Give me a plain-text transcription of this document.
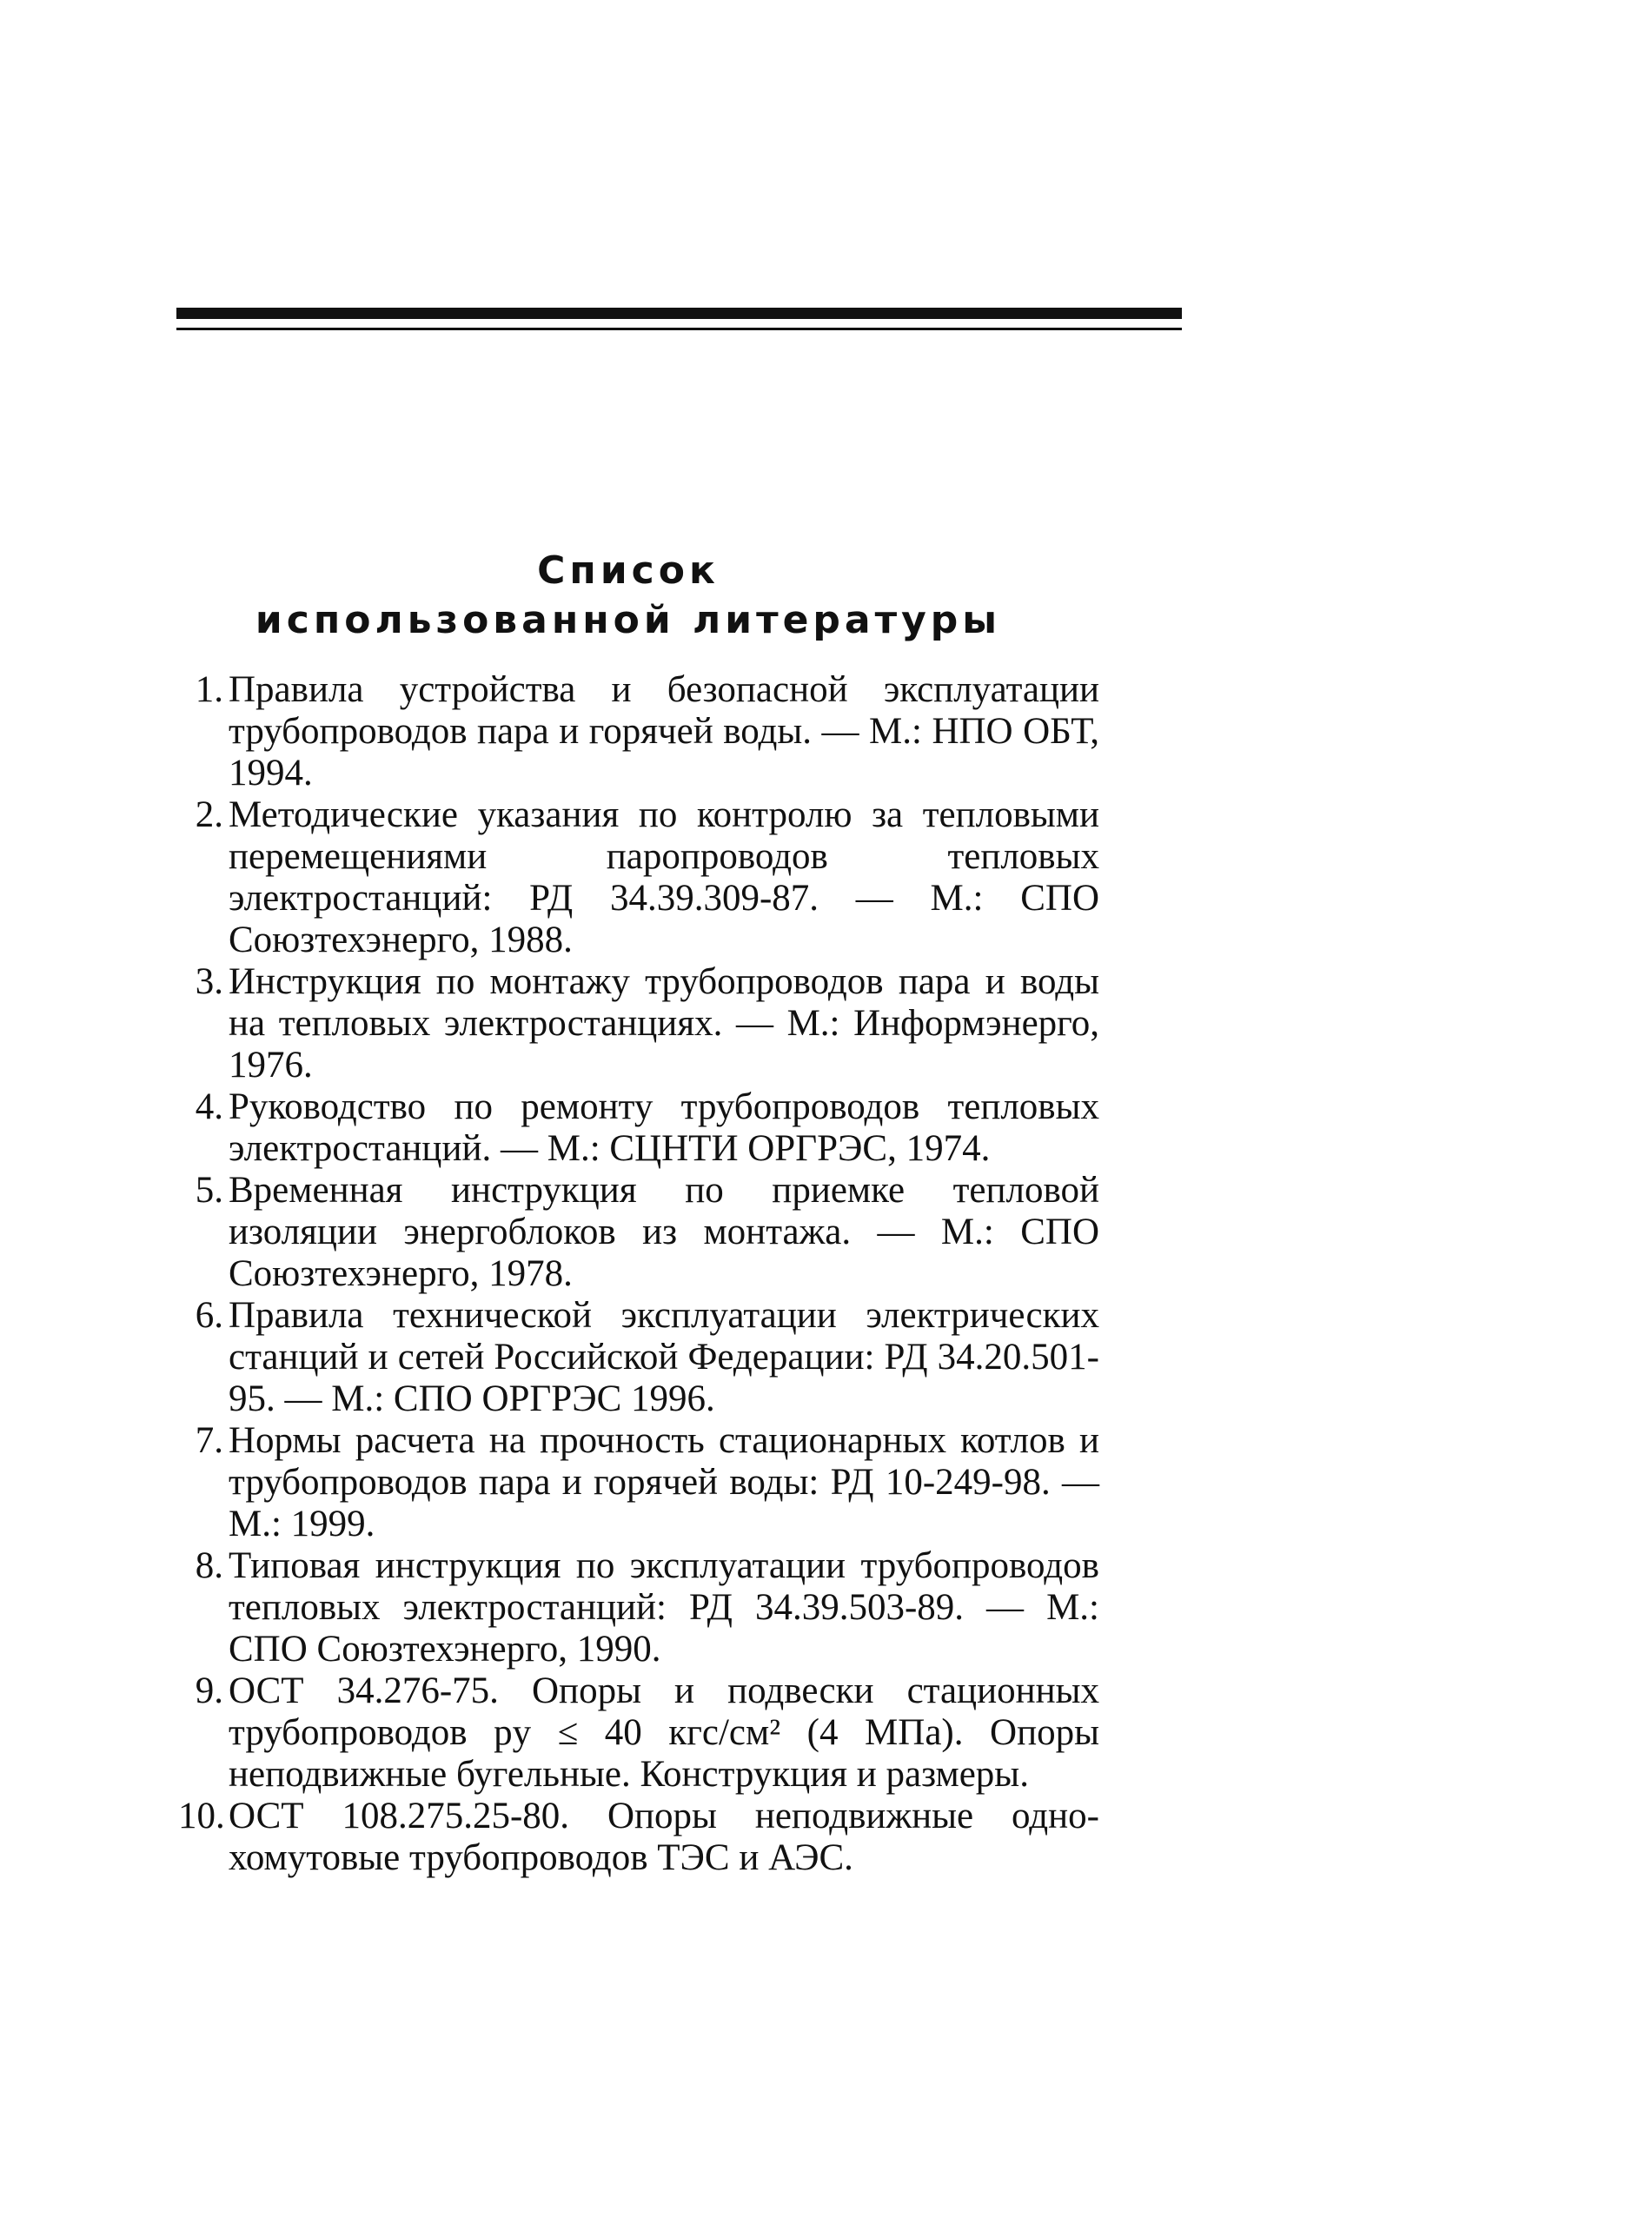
Список
использованной литературы
1. Правила устройства и безопасной эксплуатации трубопроводов пара и горячей воды. — М.: НПО ОБТ, 1994.
2. Методические указания по контролю за тепловыми перемещениями паропроводов тепловых электростанций: РД 34.39.309-87. — М.: СПО Союзтехэнерго, 1988.
3. Инструкция по монтажу трубопроводов пара и воды на тепловых электростанциях. — М.: Информэнерго, 1976.
4. Руководство по ремонту трубопроводов тепловых электростанций. — М.: СЦНТИ ОРГРЭС, 1974.
5. Временная инструкция по приемке тепловой изоляции энергоблоков из монтажа. — М.: СПО Союзтехэнерго, 1978.
6. Правила технической эксплуатации электрических станций и сетей Российской Федерации: РД 34.20.501-95. — М.: СПО ОРГРЭС 1996.
7. Нормы расчета на прочность стационарных котлов и трубопроводов пара и горячей воды: РД 10-249-98. — М.: 1999.
8. Типовая инструкция по эксплуатации трубопроводов тепловых электростанций: РД 34.39.503-89. — М.: СПО Союзтехэнерго, 1990.
9. ОСТ 34.276-75. Опоры и подвески стационных трубопроводов pу ≤ 40 кгс/см² (4 МПа). Опоры неподвижные бугельные. Конструкция и размеры.
10. ОСТ 108.275.25-80. Опоры неподвижные одно-хомутовые трубопроводов ТЭС и АЭС.
